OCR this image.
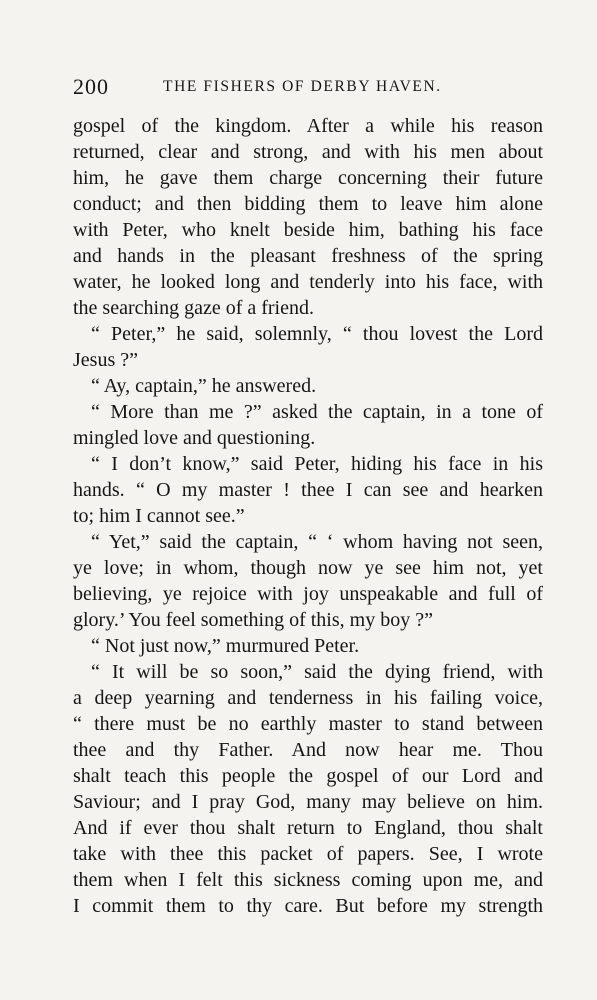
200	THE FISHERS OF DERBY HAVEN.
gospel of the kingdom. After a while his reason
returned, clear and strong, and with his men about
him, he gave them charge concerning their future
conduct; and then bidding them to leave him alone
with Peter, who knelt beside him, bathing his face
and hands in the pleasant freshness of the spring
water, he looked long and tenderly into his face, with
the searching gaze of a friend.
“ Peter,” he said, solemnly, “ thou lovest the Lord
Jesus ?”
“ Ay, captain,” he answered.
“ More than me ?” asked the captain, in a tone of
mingled love and questioning.
“ I don’t know,” said Peter, hiding his face in his
hands. “ O my master ! thee I can see and hearken
to; him I cannot see.”
“ Yet,” said the captain, “ ‘ whom having not seen,
ye love; in whom, though now ye see him not, yet
believing, ye rejoice with joy unspeakable and full of
glory.’ You feel something of this, my boy ?”
“ Not just now,” murmured Peter.
“ It will be so soon,” said the dying friend, with
a deep yearning and tenderness in his failing voice,
“ there must be no earthly master to stand between
thee and thy Father. And now hear me. Thou
shalt teach this people the gospel of our Lord and
Saviour; and I pray God, many may believe on him.
And if ever thou shalt return to England, thou shalt
take with thee this packet of papers. See, I wrote
them when I felt this sickness coming upon me, and
I commit them to thy care. But before my strength
